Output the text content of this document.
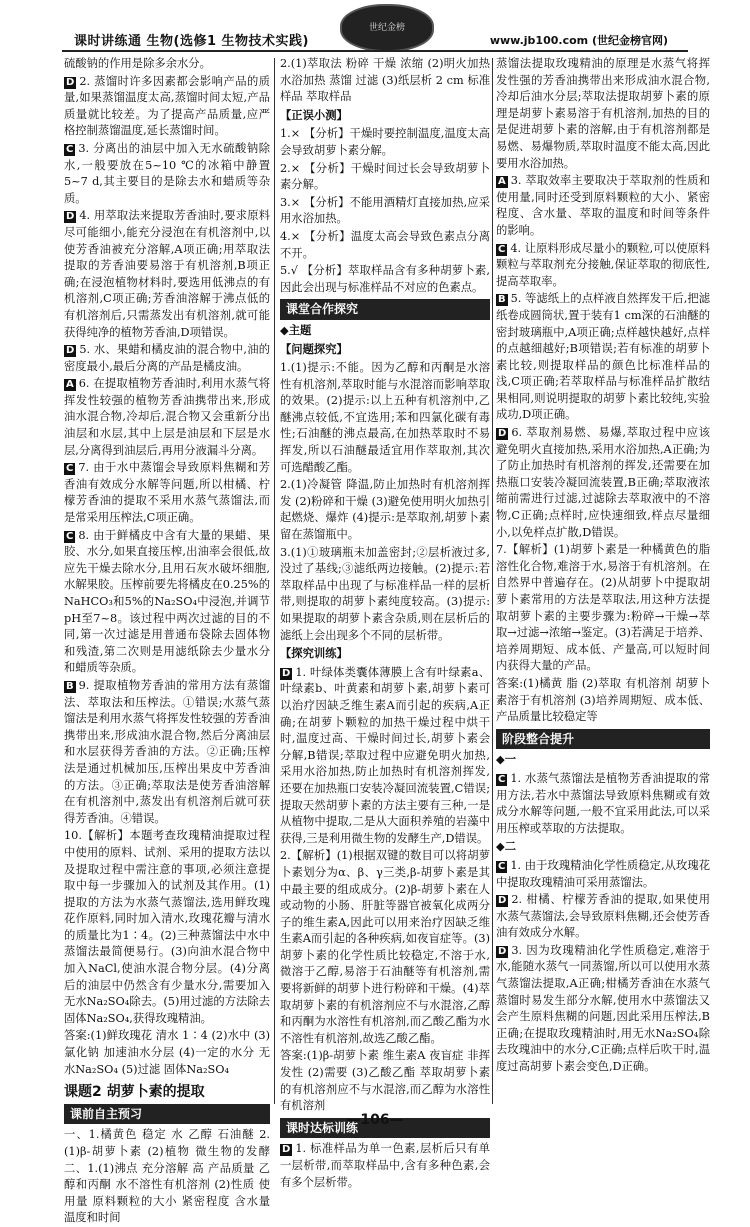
课时讲练通 生物(选修1 生物技术实践)
世纪金榜
www.jb100.com (世纪金榜官网)

硫酸钠的作用是除多余水分。

D 2. 蒸馏时许多因素都会影响产品的质量,如果蒸馏温度太高,蒸馏时间太短,产品质量就比较差。为了提高产品质量,应严格控制蒸馏温度,延长蒸馏时间。

C 3. 分离出的油层中加入无水硫酸钠除水,一般要放在5~10 ℃的冰箱中静置5~7 d,其主要目的是除去水和蜡质等杂质。

D 4. 用萃取法来提取芳香油时,要求原料尽可能细小,能充分浸泡在有机溶剂中,以使芳香油被充分溶解,A项正确;用萃取法提取的芳香油要易溶于有机溶剂,B项正确;在浸泡植物材料时,要选用低沸点的有机溶剂,C项正确;芳香油溶解于沸点低的有机溶剂后,只需蒸发出有机溶剂,就可能获得纯净的植物芳香油,D项错误。

D 5. 水、果蜡和橘皮油的混合物中,油的密度最小,最后分离的产品是橘皮油。

A 6. 在提取植物芳香油时,利用水蒸气将挥发性较强的植物芳香油携带出来,形成油水混合物,冷却后,混合物又会重新分出油层和水层,其中上层是油层和下层是水层,分离得到油层后,再用分液漏斗分离。

C 7. 由于水中蒸馏会导致原料焦糊和芳香油有效成分水解等问题,所以柑橘、柠檬芳香油的提取不采用水蒸气蒸馏法,而是常采用压榨法,C项正确。

C 8. 由于鲜橘皮中含有大量的果蜡、果胶、水分,如果直接压榨,出油率会很低,故应先干燥去除水分,且用石灰水破坏细胞,水解果胶。压榨前要先将橘皮在0.25%的NaHCO₃和5%的Na₂SO₄中浸泡,并调节pH至7~8。该过程中两次过滤的目的不同,第一次过滤是用普通布袋除去固体物和残渣,第二次则是用滤纸除去少量水分和蜡质等杂质。

B 9. 提取植物芳香油的常用方法有蒸馏法、萃取法和压榨法。①错误;水蒸气蒸馏法是利用水蒸气将挥发性较强的芳香油携带出来,形成油水混合物,然后分离油层和水层获得芳香油的方法。②正确;压榨法是通过机械加压,压榨出果皮中芳香油的方法。③正确;萃取法是使芳香油溶解在有机溶剂中,蒸发出有机溶剂后就可获得芳香油。④错误。

10.【解析】本题考查玫瑰精油提取过程中使用的原料、试剂、采用的提取方法以及提取过程中需注意的事项,必须注意提取中每一步骤加入的试剂及其作用。(1)提取的方法为水蒸气蒸馏法,选用鲜玫瑰花作原料,同时加入清水,玫瑰花瓣与清水的质量比为1∶4。(2)三种蒸馏法中水中蒸馏法最简便易行。(3)向油水混合物中加入NaCl,使油水混合物分层。(4)分离后的油层中仍然含有少量水分,需要加入无水Na₂SO₄除去。(5)用过滤的方法除去固体Na₂SO₄,获得玫瑰精油。

答案:(1)鲜玫瑰花 清水 1∶4 (2)水中 (3)氯化钠 加速油水分层 (4)一定的水分 无水Na₂SO₄ (5)过滤 固体Na₂SO₄

课题2 胡萝卜素的提取
课前自主预习

一、1.橘黄色 稳定 水 乙醇 石油醚 2.(1)β-胡萝卜素 (2)植物 微生物的发酵 二、1.(1)沸点 充分溶解 高 产品质量 乙醇和丙酮 水不溶性有机溶剂 (2)性质 使用量 原料颗粒的大小 紧密程度 含水量 温度和时间

2.(1)萃取法 粉碎 干燥 浓缩 (2)明火加热 水浴加热 蒸馏 过滤 (3)纸层析 2 cm 标准样品 萃取样品

【正误小测】

1.× 【分析】干燥时要控制温度,温度太高会导致胡萝卜素分解。

2.× 【分析】干燥时间过长会导致胡萝卜素分解。

3.× 【分析】不能用酒精灯直接加热,应采用水浴加热。

4.× 【分析】温度太高会导致色素点分离不开。

5.√ 【分析】萃取样品含有多种胡萝卜素,因此会出现与标准样品不对应的色素点。

课堂合作探究
◆主题
【问题探究】

1.(1)提示:不能。因为乙醇和丙酮是水溶性有机溶剂,萃取时能与水混溶而影响萃取的效果。(2)提示:以上五种有机溶剂中,乙醚沸点较低,不宜选用;苯和四氯化碳有毒性;石油醚的沸点最高,在加热萃取时不易挥发,所以石油醚最适宜用作萃取剂,其次可选醋酸乙酯。

2.(1)冷凝管 降温,防止加热时有机溶剂挥发 (2)粉碎和干燥 (3)避免使用明火加热引起燃烧、爆炸 (4)提示:是萃取剂,胡萝卜素留在蒸馏瓶中。

3.(1)①玻璃瓶未加盖密封;②层析液过多,没过了基线;③滤纸两边接触。(2)提示:若萃取样品中出现了与标准样品一样的层析带,则提取的胡萝卜素纯度较高。(3)提示:如果提取的胡萝卜素含杂质,则在层析后的滤纸上会出现多个不同的层析带。

【探究训练】

D 1. 叶绿体类囊体薄膜上含有叶绿素a、叶绿素b、叶黄素和胡萝卜素,胡萝卜素可以治疗因缺乏维生素A而引起的疾病,A正确;在胡萝卜颗粒的加热干燥过程中烘干时,温度过高、干燥时间过长,胡萝卜素会分解,B错误;萃取过程中应避免明火加热,采用水浴加热,防止加热时有机溶剂挥发,还要在加热瓶口安装冷凝回流装置,C错误;提取天然胡萝卜素的方法主要有三种,一是从植物中提取,二是从大面积养殖的岩藻中获得,三是利用微生物的发酵生产,D错误。

2.【解析】(1)根据双键的数目可以将胡萝卜素划分为α、β、γ三类,β-胡萝卜素是其中最主要的组成成分。(2)β-胡萝卜素在人或动物的小肠、肝脏等器官被氧化成两分子的维生素A,因此可以用来治疗因缺乏维生素A而引起的各种疾病,如夜盲症等。(3)胡萝卜素的化学性质比较稳定,不溶于水,微溶于乙醇,易溶于石油醚等有机溶剂,需要将新鲜的胡萝卜进行粉碎和干燥。(4)萃取胡萝卜素的有机溶剂应不与水混溶,乙醇和丙酮为水溶性有机溶剂,而乙酸乙酯为水不溶性有机溶剂,故选乙酸乙酯。

答案:(1)β-胡萝卜素 维生素A 夜盲症 非挥发性 (2)需要 (3)乙酸乙酯 萃取胡萝卜素的有机溶剂应不与水混溶,而乙醇为水溶性有机溶剂

课时达标训练

D 1. 标准样品为单一色素,层析后只有单一层析带,而萃取样品中,含有多种色素,会有多个层析带。

蒸馏法提取玫瑰精油的原理是水蒸气将挥发性强的芳香油携带出来形成油水混合物,冷却后油水分层;萃取法提取胡萝卜素的原理是胡萝卜素易溶于有机溶剂,加热的目的是促进胡萝卜素的溶解,由于有机溶剂都是易燃、易爆物质,萃取时温度不能太高,因此要用水浴加热。

A 3. 萃取效率主要取决于萃取剂的性质和使用量,同时还受到原料颗粒的大小、紧密程度、含水量、萃取的温度和时间等条件的影响。

C 4. 让原料形成尽量小的颗粒,可以使原料颗粒与萃取剂充分接触,保证萃取的彻底性,提高萃取率。

B 5. 等滤纸上的点样液自然挥发干后,把滤纸卷成圆筒状,置于装有1 cm深的石油醚的密封玻璃瓶中,A项正确;点样越快越好,点样的点越细越好;B项错误;若有标准的胡萝卜素比较,则提取样品的颜色比标准样品的浅,C项正确;若萃取样品与标准样品扩散结果相同,则说明提取的胡萝卜素比较纯,实验成功,D项正确。

D 6. 萃取剂易燃、易爆,萃取过程中应该避免明火直接加热,采用水浴加热,A正确;为了防止加热时有机溶剂的挥发,还需要在加热瓶口安装冷凝回流装置,B正确;萃取液浓缩前需进行过滤,过滤除去萃取液中的不溶物,C正确;点样时,应快速细致,样点尽量细小,以免样点扩散,D错误。

7.【解析】(1)胡萝卜素是一种橘黄色的脂溶性化合物,难溶于水,易溶于有机溶剂。在自然界中普遍存在。(2)从胡萝卜中提取胡萝卜素常用的方法是萃取法,用这种方法提取胡萝卜素的主要步骤为:粉碎→干燥→萃取→过滤→浓缩→鉴定。(3)若满足于培养、培养周期短、成本低、产量高,可以短时间内获得大量的产品。

答案:(1)橘黄 脂 (2)萃取 有机溶剂 胡萝卜素溶于有机溶剂 (3)培养周期短、成本低、产品质量比较稳定等

阶段整合提升
◆一

C 1. 水蒸气蒸馏法是植物芳香油提取的常用方法,若水中蒸馏法导致原料焦糊或有效成分水解等问题,一般不宜采用此法,可以采用压榨或萃取的方法提取。

◆二

C 1. 由于玫瑰精油化学性质稳定,从玫瑰花中提取玫瑰精油可采用蒸馏法。

D 2. 柑橘、柠檬芳香油的提取,如果使用水蒸气蒸馏法,会导致原料焦糊,还会使芳香油有效成分水解。

D 3. 因为玫瑰精油化学性质稳定,难溶于水,能随水蒸气一同蒸馏,所以可以使用水蒸气蒸馏法提取,A正确;柑橘芳香油在水蒸气蒸馏时易发生部分水解,使用水中蒸馏法又会产生原料焦糊的问题,因此采用压榨法,B正确;在提取玫瑰精油时,用无水Na₂SO₄除去玫瑰油中的水分,C正确;点样后吹干时,温度过高胡萝卜素会变色,D正确。

—106—
